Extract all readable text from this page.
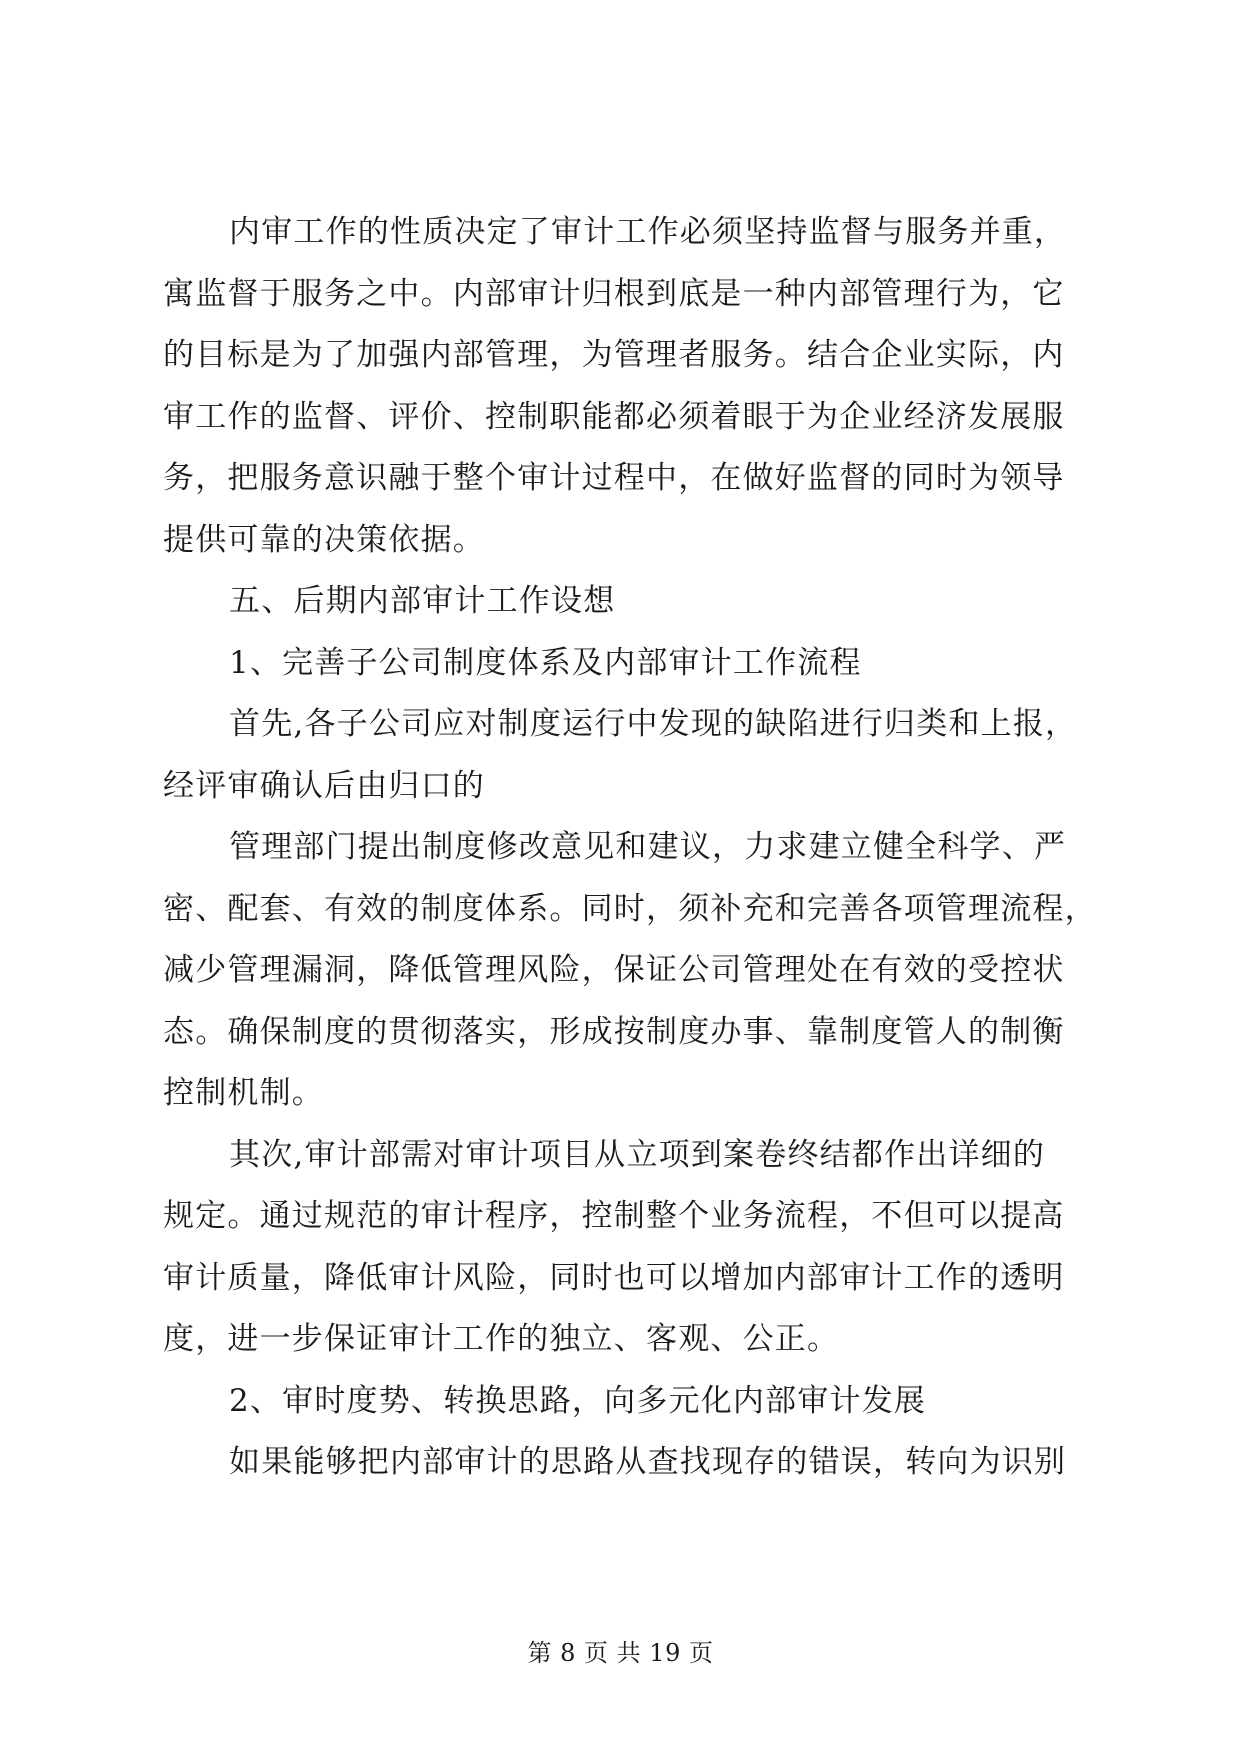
内审工作的性质决定了审计工作必须坚持监督与服务并重，
寓监督于服务之中。内部审计归根到底是一种内部管理行为，它
的目标是为了加强内部管理，为管理者服务。结合企业实际，内
审工作的监督、评价、控制职能都必须着眼于为企业经济发展服
务，把服务意识融于整个审计过程中，在做好监督的同时为领导
提供可靠的决策依据。
五、后期内部审计工作设想
1、完善子公司制度体系及内部审计工作流程
首先,各子公司应对制度运行中发现的缺陷进行归类和上报，
经评审确认后由归口的
管理部门提出制度修改意见和建议，力求建立健全科学、严
密、配套、有效的制度体系。同时，须补充和完善各项管理流程，
减少管理漏洞，降低管理风险，保证公司管理处在有效的受控状
态。确保制度的贯彻落实，形成按制度办事、靠制度管人的制衡
控制机制。
其次,审计部需对审计项目从立项到案卷终结都作出详细的
规定。通过规范的审计程序，控制整个业务流程，不但可以提高
审计质量，降低审计风险，同时也可以增加内部审计工作的透明
度，进一步保证审计工作的独立、客观、公正。
2、审时度势、转换思路，向多元化内部审计发展
如果能够把内部审计的思路从查找现存的错误，转向为识别
第 8 页 共 19 页
